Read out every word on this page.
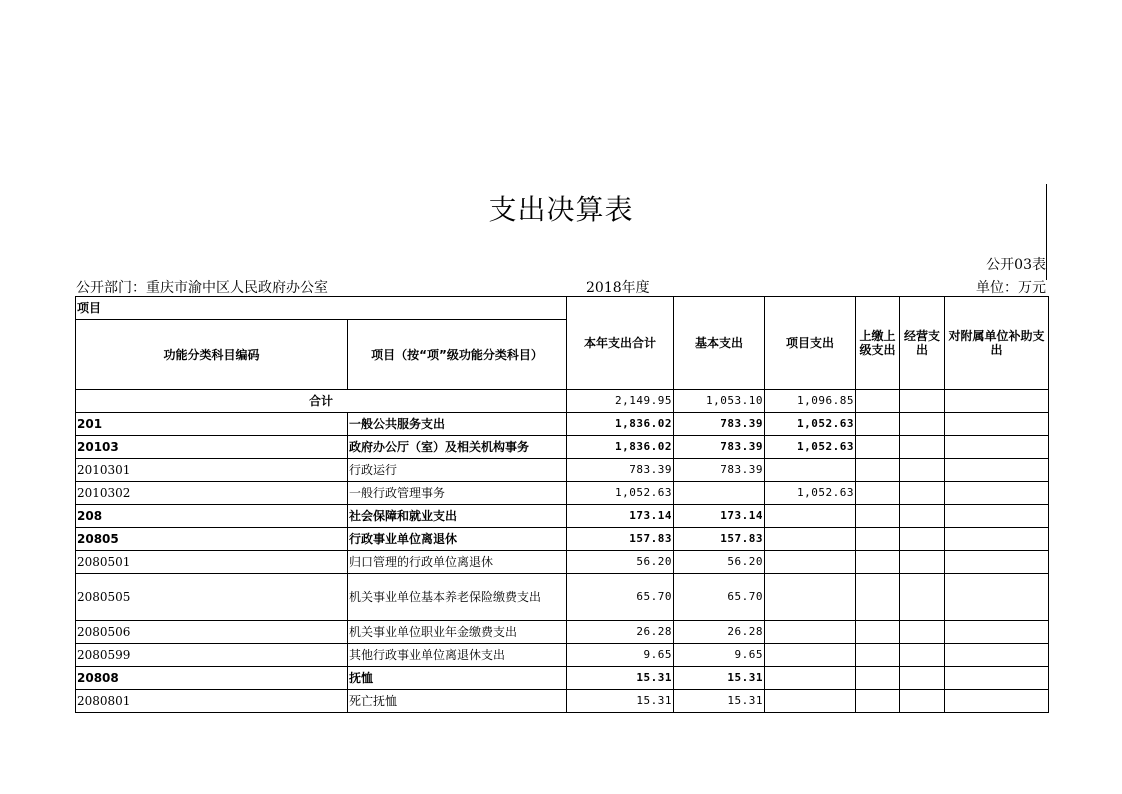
支出决算表
公开03表
公开部门：重庆市渝中区人民政府办公室	2018年度	单位：万元
项目		本年支出合计	基本支出	项目支出	上缴上级支出	经营支出	对附属单位补助支出
功能分类科目编码	项目（按“项”级功能分类科目）						
合计		2,149.95	1,053.10	1,096.85			
201	一般公共服务支出	1,836.02	783.39	1,052.63			
20103	政府办公厅（室）及相关机构事务	1,836.02	783.39	1,052.63			
2010301	行政运行	783.39	783.39				
2010302	一般行政管理事务	1,052.63		1,052.63			
208	社会保障和就业支出	173.14	173.14				
20805	行政事业单位离退休	157.83	157.83				
2080501	归口管理的行政单位离退休	56.20	56.20				
2080505	机关事业单位基本养老保险缴费支出	65.70	65.70				
2080506	机关事业单位职业年金缴费支出	26.28	26.28				
2080599	其他行政事业单位离退休支出	9.65	9.65				
20808	抚恤	15.31	15.31				
2080801	死亡抚恤	15.31	15.31				
